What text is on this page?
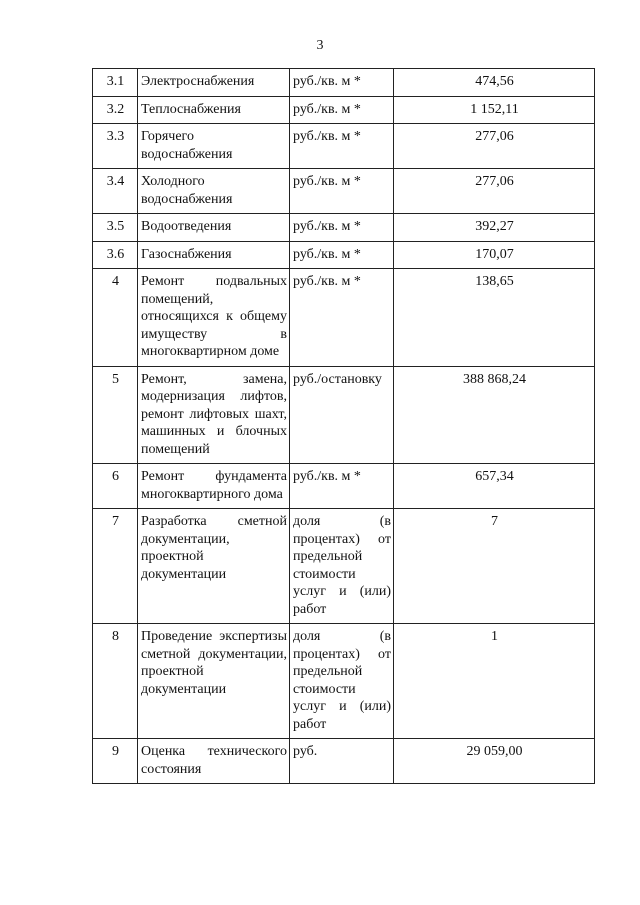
3
3.1	Электроснабжения	руб./кв. м *	474,56
3.2	Теплоснабжения	руб./кв. м *	1 152,11
3.3	Горячего водоснабжения	руб./кв. м *	277,06
3.4	Холодного водоснабжения	руб./кв. м *	277,06
3.5	Водоотведения	руб./кв. м *	392,27
3.6	Газоснабжения	руб./кв. м *	170,07
4	Ремонт подвальных помещений, относящихся к общему имуществу в многоквартирном доме	руб./кв. м *	138,65
5	Ремонт, замена, модернизация лифтов, ремонт лифтовых шахт, машинных и блочных помещений	руб./остановку	388 868,24
6	Ремонт фундамента многоквартирного дома	руб./кв. м *	657,34
7	Разработка сметной документации, проектной документации	доля (в процентах) от предельной стоимости услуг и (или) работ	7
8	Проведение экспертизы сметной документации, проектной документации	доля (в процентах) от предельной стоимости услуг и (или) работ	1
9	Оценка технического состояния	руб.	29 059,00
